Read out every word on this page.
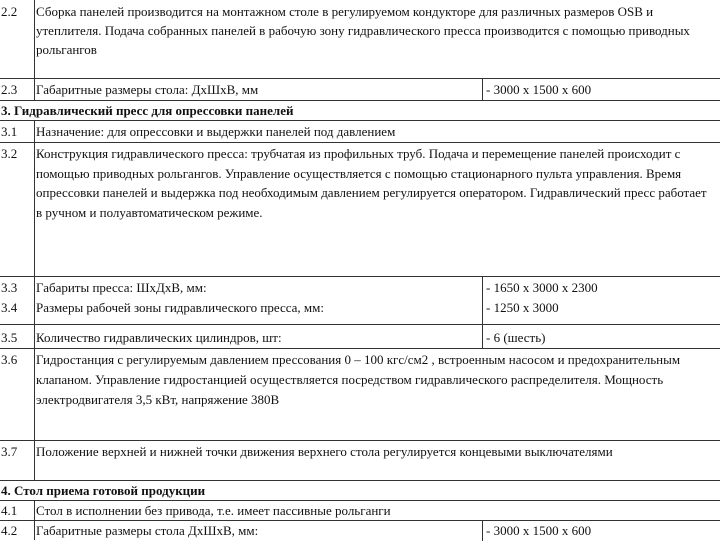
2.2	Сборка панелей производится на монтажном столе в регулируемом кондукторе для различных размеров OSB и утеплителя. Подача собранных панелей в рабочую зону гидравлического пресса производится с помощью приводных рольгангов
2.3	Габаритные размеры стола: ДхШхВ, мм	- 3000 х 1500 х 600
3. Гидравлический пресс для опрессовки панелей
3.1	Назначение: для опрессовки и выдержки панелей под давлением
3.2	Конструкция гидравлического пресса: трубчатая из профильных труб. Подача и перемещение панелей происходит с помощью приводных рольгангов. Управление осуществляется с помощью стационарного пульта управления. Время опрессовки панелей и выдержка под необходимым давлением регулируется оператором. Гидравлический пресс работает в ручном и полуавтоматическом режиме.
3.3	Габариты пресса: ШхДхВ, мм:	- 1650 х 3000 х 2300
3.4	Размеры рабочей зоны гидравлического пресса, мм:	- 1250 х 3000
3.5	Количество гидравлических цилиндров, шт:	- 6 (шесть)
3.6	Гидростанция с регулируемым давлением прессования 0 – 100 кгс/см2 , встроенным насосом и предохранительным клапаном. Управление гидростанцией осуществляется посредством гидравлического распределителя. Мощность электродвигателя 3,5 кВт, напряжение 380В
3.7	Положение верхней и нижней точки движения верхнего стола регулируется концевыми выключателями
4. Стол приема готовой продукции
4.1	Стол в исполнении без привода, т.е. имеет пассивные рольганги
4.2	Габаритные размеры стола ДхШхВ, мм:	- 3000 х 1500 х 600
